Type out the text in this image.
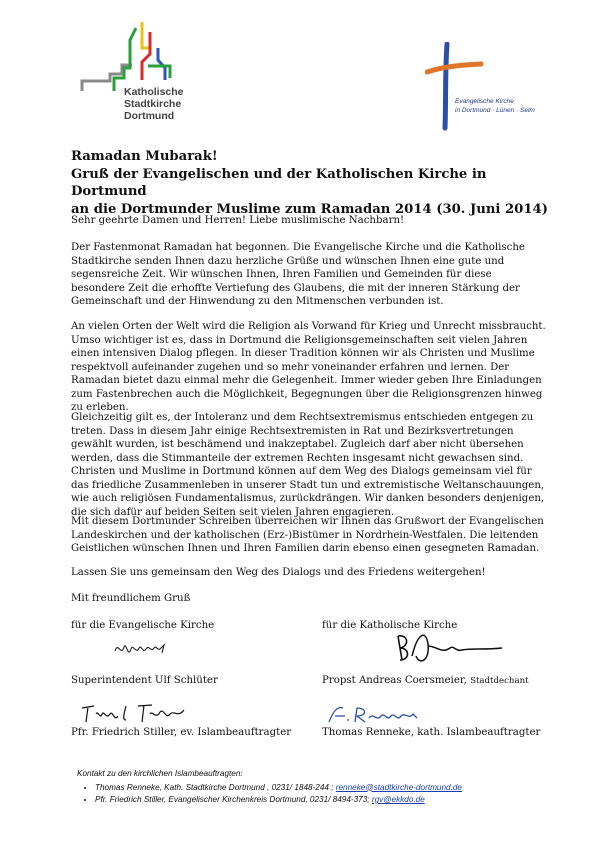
Katholische
Stadtkirche
Dortmund
Evangelische Kirche
in Dortmund · Lünen · Selm
Ramadan Mubarak!
Gruß der Evangelischen und der Katholischen Kirche in Dortmund
an die Dortmunder Muslime zum Ramadan 2014 (30. Juni 2014)

Sehr geehrte Damen und Herren! Liebe muslimische Nachbarn!

Der Fastenmonat Ramadan hat begonnen. Die Evangelische Kirche und die Katholische Stadtkirche senden Ihnen dazu herzliche Grüße und wünschen Ihnen eine gute und segensreiche Zeit. Wir wünschen Ihnen, Ihren Familien und Gemeinden für diese besondere Zeit die erhoffte Vertiefung des Glaubens, die mit der inneren Stärkung der Gemeinschaft und der Hinwendung zu den Mitmenschen verbunden ist.

An vielen Orten der Welt wird die Religion als Vorwand für Krieg und Unrecht missbraucht. Umso wichtiger ist es, dass in Dortmund die Religionsgemeinschaften seit vielen Jahren einen intensiven Dialog pflegen. In dieser Tradition können wir als Christen und Muslime respektvoll aufeinander zugehen und so mehr voneinander erfahren und lernen. Der Ramadan bietet dazu einmal mehr die Gelegenheit. Immer wieder geben Ihre Einladungen zum Fastenbrechen auch die Möglichkeit, Begegnungen über die Religionsgrenzen hinweg zu erleben.

Gleichzeitig gilt es, der Intoleranz und dem Rechtsextremismus entschieden entgegen zu treten. Dass in diesem Jahr einige Rechtsextremisten in Rat und Bezirksvertretungen gewählt wurden, ist beschämend und inakzeptabel. Zugleich darf aber nicht übersehen werden, dass die Stimmanteile der extremen Rechten insgesamt nicht gewachsen sind. Christen und Muslime in Dortmund können auf dem Weg des Dialogs gemeinsam viel für das friedliche Zusammenleben in unserer Stadt tun und extremistische Weltanschauungen, wie auch religiösen Fundamentalismus, zurückdrängen. Wir danken besonders denjenigen, die sich dafür auf beiden Seiten seit vielen Jahren engagieren.

Mit diesem Dortmunder Schreiben überreichen wir Ihnen das Grußwort der Evangelischen Landeskirchen und der katholischen (Erz-)Bistümer in Nordrhein-Westfalen. Die leitenden Geistlichen wünschen Ihnen und Ihren Familien darin ebenso einen gesegneten Ramadan.

Lassen Sie uns gemeinsam den Weg des Dialogs und des Friedens weitergehen!

Mit freundlichem Gruß

für die Evangelische Kirche	für die Katholische Kirche
Superintendent Ulf Schlüter	Propst Andreas Coersmeier, Stadtdechant
Pfr. Friedrich Stiller, ev. Islambeauftragter	Thomas Renneke, kath. Islambeauftragter
Kontakt zu den kirchlichen Islambeauftragten:
• Thomas Renneke, Kath. Stadtkirche Dortmund , 0231/ 1848-244 ; renneke@stadtkirche-dortmund.de
• Pfr. Friedrich Stiller, Evangelischer Kirchenkreis Dortmund, 0231/ 8494-373; rgv@ekkdo.de
